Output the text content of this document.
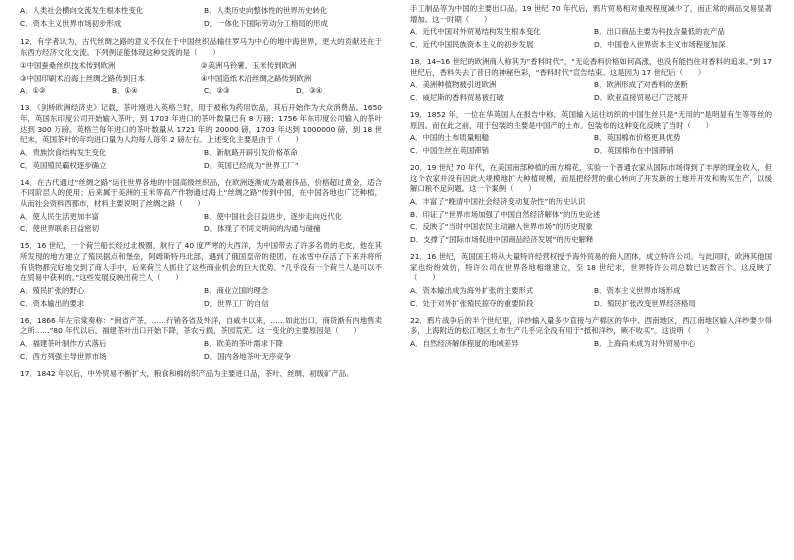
A．人类社会横向交流发生根本性变化	B．人类历史向整体性的世界历史转化
C．资本主义世界市场初步形成	D．一体化下国际劳动分工格局的形成
12．有学者认为，古代丝绸之路的意义不仅在于中国丝织品输往罗马为中心的地中海世界，更大的贡献还在于东西方经济文化交流。下列例证能体现这种交流的是（　　）
①中国蚕桑丝织技术传到欧洲	②美洲马铃薯、玉米传到欧洲
③中国印刷术沿海上丝绸之路传到日本	④中国造纸术沿丝绸之路传到欧洲
A．①②	B．①④	C．②③	D．③④
13．《剑桥欧洲经济史》记载，茶叶刚进入英格兰时，用于被称为药用饮品，其后开始作为大众消费品。1650 年，英国东印度公司开始输入茶叶，到 1703 年进口的茶叶数量已有 8 万磅；1756 年东印度公司输入的茶叶达到 300 万磅。英格兰每年进口的茶叶数量从 1721 年的 20000 磅，1703 年达到 1000000 磅，到 18 世纪末，英国茶叶的年均进口量为人均每人每年 2 磅左右。上述变化主要是由于（　　）
A．贵族饮食结构发生变化	B．新航路开辟引发价格革命
C．英国殖民霸权逐步确立	D．英国已经成为“世界工厂”
14．在古代通过“丝绸之路”运往世界各地的中国高级丝织品，在欧洲逐渐成为最奢侈品，价格超过黄金，适合不同阶层人的使用；后来属于美洲的玉米等高产作物通过海上“丝绸之路”传到中国，在中国各地也广泛种植，从而社会资料西都市，材料主要说明了丝绸之路（　　）
A．使人民生活更加丰富	B．使中国社会日益进步，逐步走向近代化
C．使世界联系日益密切	D．体现了不同文明间的沟通与碰撞
15．16 世纪，一个荷兰船长经过北极圈，航行了 40 度严寒的大西洋，为中国带去了许多名贵的毛皮，他在其所发现的地方建立了殖民据点和堡垒，阿姆斯特丹北部，遇到了俄国皇帝的使团，在冰雪中存活了下来并将所有货物都完好地交到了商人手中，后来荷兰人抓住了这些商业机会的巨大优势。“几乎没有一个荷兰人是可以不在贸易中获利的。”这些发展反映出荷兰人（　　）
A．殖民扩张的野心	B．商业立国的理念
C．资本输出的要求	D．世界工厂的自信
16．1866 年左宗棠奏称：“闽省产茶，……行销各省及外洋，自咸丰以来，……如此出口，商货渐有内地售卖之所……”80 年代以后，福建茶叶出口开始下降，茶农亏损，茶园荒芜。这一变化的主要原因是（　　）
A．福建茶叶制作方式落后	B．欧美的茶叶需求下降
C．西方列强主导世界市场	D．国内各地茶叶无序竞争
17．1842 年以后，中外贸易不断扩大，粮食和棉纺织产品为主要进口品，茶叶、丝绸、初级矿产品、
手工制品等为中国的主要出口品。19 世纪 70 年代后，鸦片贸易相对重视程度减少了，而正常的商品交易显著增加。这一时期（　　）
A．近代中国对外贸易结构发生根本变化	B．出口商品主要为科技含量低的农产品
C．近代中国民族资本主义的初步发展	D．中国卷入世界资本主义市场程度加深
18．14─16 世纪的欧洲商人称其为“香料时代”，“无论香料价格如何高涨，也没有能挡住对香料的追求。”到 17 世纪后，香料失去了昔日的神秘色彩，“香料时代”宣告结束。这是因为 17 世纪后（　　）
A．美洲种植物被引进欧洲	B．欧洲形成了对香料的垄断
C．威尼斯的香料贸易被打破	D．欧亚直接贸易已广泛展开
19．1852 年，一位在华英国人在报告中称，英国输入运往纺织的中国生丝只是“无用的”是明显有生等等丝的原因。而在此之前，用于包装的主要是中国产的土布。包装布的这种变化反映了当时（　　）
A．中国的土布质量粗糙	B．英国棉布价格更具优势
C．中国生丝在英国滞销	D．英国棉布在中国滞销
20．19 世纪 70 年代，在美国南部种植的南方棉花，实验一个普通农家从国际市场得到了丰厚的现金收入，但这个农家并没有因此大规模地扩大种植规模，而是把经营的重心转向了开发新的土地并开发和购买生产，以缓解口粮不足问题。这一个案例（　　）
A．丰富了“晚清中国社会经济变动复杂性”的历史认识
B．印证了“世界市场加强了中国自然经济解体”的历史论述
C．反映了“当时中国农民主动融入世界市场”的历史现象
D．支撑了“国际市场促进中国商品经济发展”的历史解释
21．16 世纪，英国国王将从大量特许经营权授予海外贸易的商人团体，成立特许公司。与此同时，欧洲其他国家也纷纷效仿，特许公司在世界各地相继建立，至 18 世纪末，世界特许公司总数已达数百个。这反映了（　　）
A．资本输出成为海外扩张的主要形式	B．资本主义世界市场形成
C．处于对外扩张殖民掠夺的重要阶段	D．殖民扩张改变世界经济格局
22．鸦片战争后的半个世纪里，洋纱输入量多少直接与产棉区的华中、西南地区，西江南地区输入洋纱要少得多，上海附近的松江地区土布生产几乎完全没有用于“抵和洋纱，厥不收买”。这说明（　　）
A．自然经济解体程度的地域差异	B．上海尚未成为对外贸易中心
